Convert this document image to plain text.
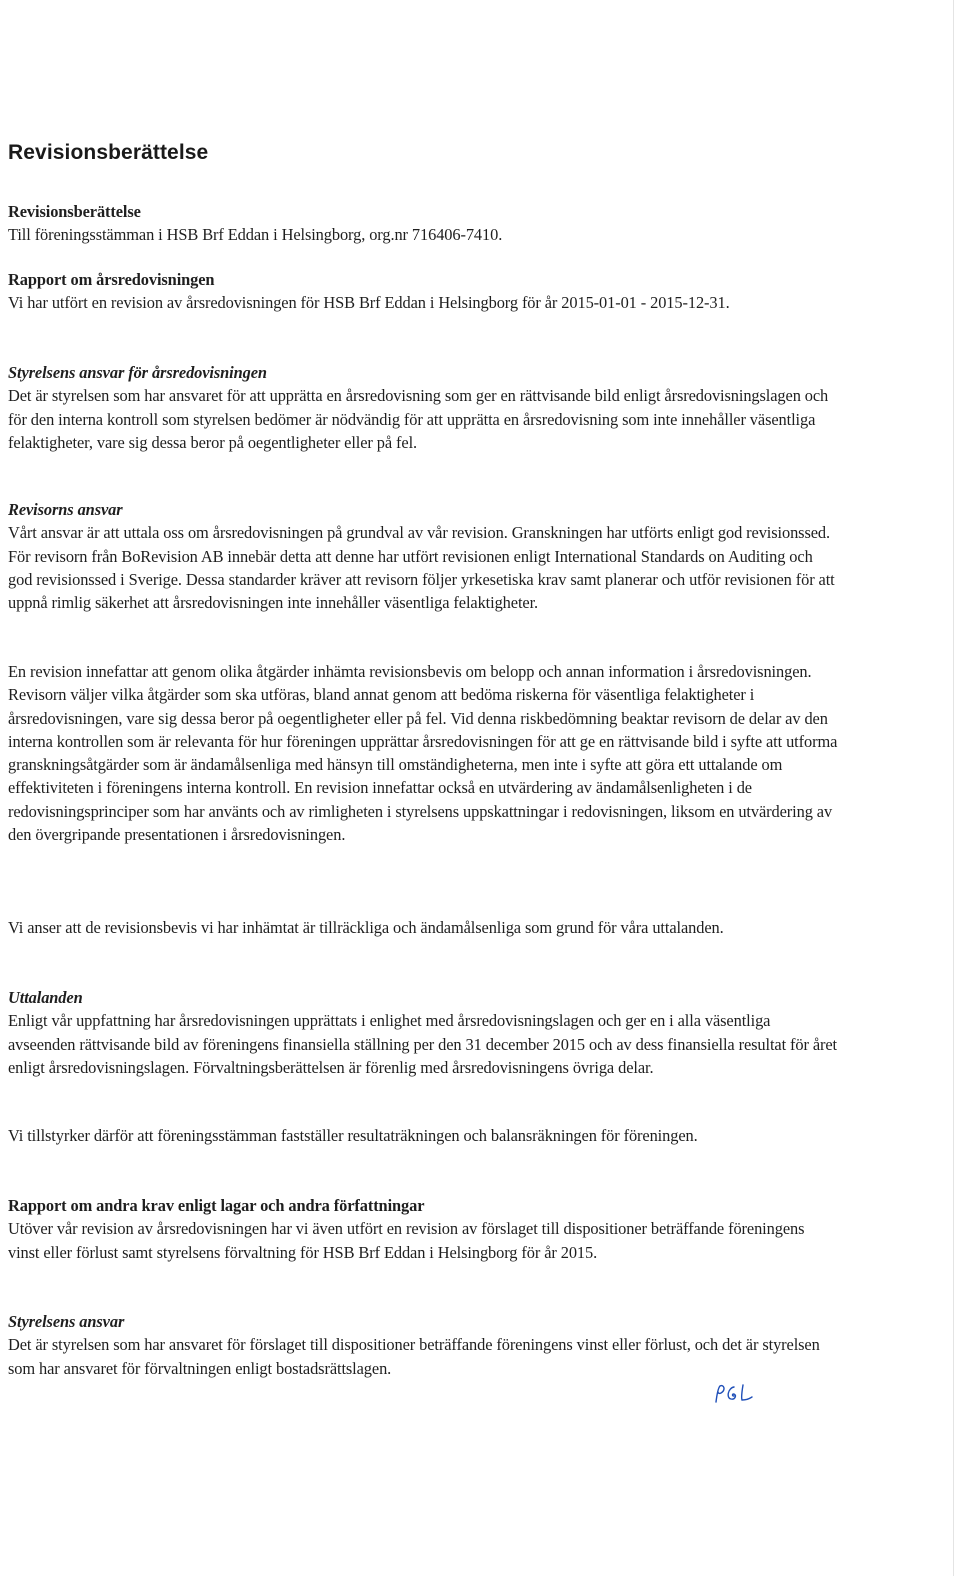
Revisionsberättelse

Revisionsberättelse

Till föreningsstämman i HSB Brf Eddan i Helsingborg, org.nr 716406-7410.

Rapport om årsredovisningen

Vi har utfört en revision av årsredovisningen för HSB Brf Eddan i Helsingborg för år 2015-01-01 - 2015-12-31.

Styrelsens ansvar för årsredovisningen

Det är styrelsen som har ansvaret för att upprätta en årsredovisning som ger en rättvisande bild enligt årsredovisningslagen och för den interna kontroll som styrelsen bedömer är nödvändig för att upprätta en årsredovisning som inte innehåller väsentliga felaktigheter, vare sig dessa beror på oegentligheter eller på fel.

Revisorns ansvar

Vårt ansvar är att uttala oss om årsredovisningen på grundval av vår revision. Granskningen har utförts enligt god revisionssed. För revisorn från BoRevision AB innebär detta att denne har utfört revisionen enligt International Standards on Auditing och god revisionssed i Sverige. Dessa standarder kräver att revisorn följer yrkesetiska krav samt planerar och utför revisionen för att uppnå rimlig säkerhet att årsredovisningen inte innehåller väsentliga felaktigheter.

En revision innefattar att genom olika åtgärder inhämta revisionsbevis om belopp och annan information i årsredovisningen. Revisorn väljer vilka åtgärder som ska utföras, bland annat genom att bedöma riskerna för väsentliga felaktigheter i årsredovisningen, vare sig dessa beror på oegentligheter eller på fel. Vid denna riskbedömning beaktar revisorn de delar av den interna kontrollen som är relevanta för hur föreningen upprättar årsredovisningen för att ge en rättvisande bild i syfte att utforma granskningsåtgärder som är ändamålsenliga med hänsyn till omständigheterna, men inte i syfte att göra ett uttalande om effektiviteten i föreningens interna kontroll. En revision innefattar också en utvärdering av ändamålsenligheten i de redovisningsprinciper som har använts och av rimligheten i styrelsens uppskattningar i redovisningen, liksom en utvärdering av den övergripande presentationen i årsredovisningen.

Vi anser att de revisionsbevis vi har inhämtat är tillräckliga och ändamålsenliga som grund för våra uttalanden.

Uttalanden

Enligt vår uppfattning har årsredovisningen upprättats i enlighet med årsredovisningslagen och ger en i alla väsentliga avseenden rättvisande bild av föreningens finansiella ställning per den 31 december 2015 och av dess finansiella resultat för året enligt årsredovisningslagen. Förvaltningsberättelsen är förenlig med årsredovisningens övriga delar.

Vi tillstyrker därför att föreningsstämman fastställer resultaträkningen och balansräkningen för föreningen.

Rapport om andra krav enligt lagar och andra författningar

Utöver vår revision av årsredovisningen har vi även utfört en revision av förslaget till dispositioner beträffande föreningens vinst eller förlust samt styrelsens förvaltning för HSB Brf Eddan i Helsingborg för år 2015.

Styrelsens ansvar

Det är styrelsen som har ansvaret för förslaget till dispositioner beträffande föreningens vinst eller förlust, och det är styrelsen som har ansvaret för förvaltningen enligt bostadsrättslagen.
